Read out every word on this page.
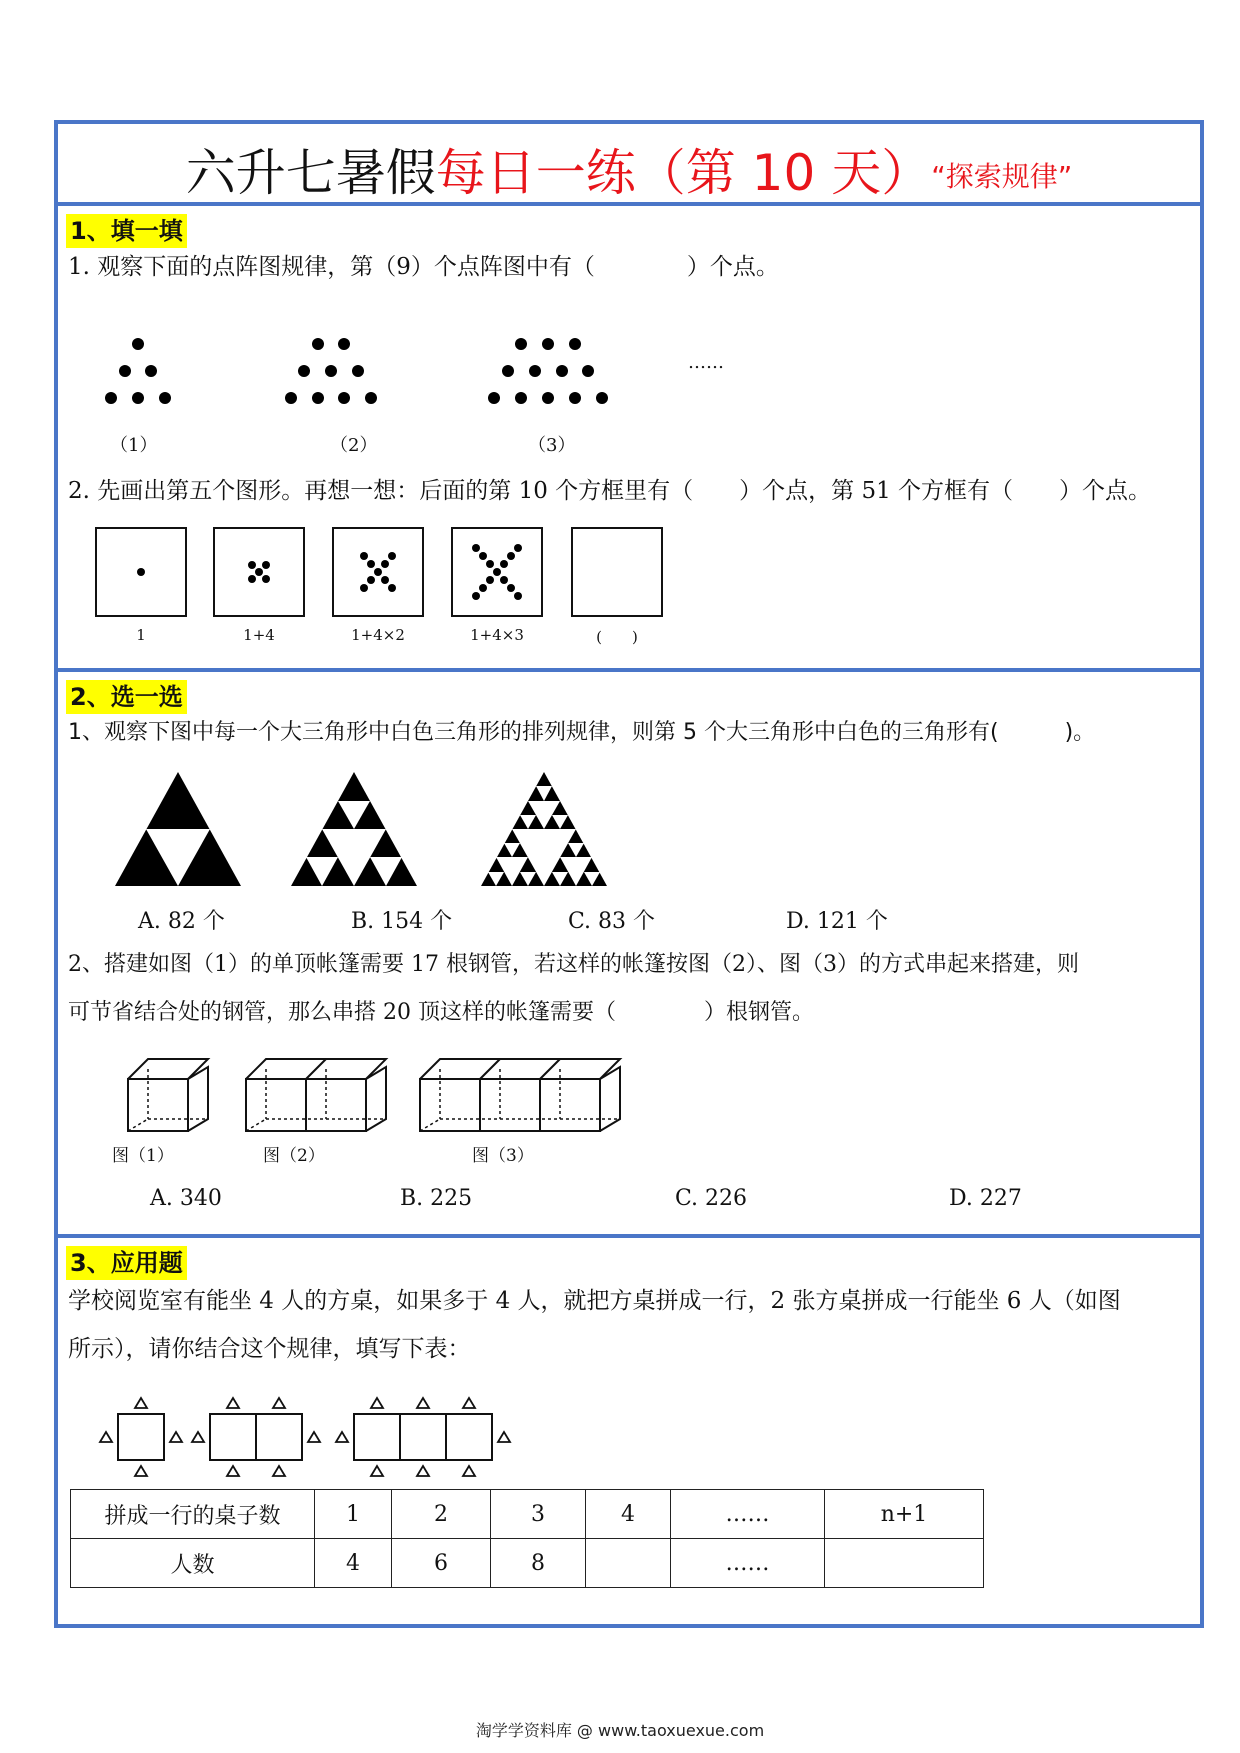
六升七暑假每日一练（第 10 天）“探索规律”
1、填一填
1. 观察下面的点阵图规律，第（9）个点阵图中有（　　　　）个点。
……
（1）	（2）	（3）
2. 先画出第五个图形。再想一想：后面的第 10 个方框里有（　　）个点，第 51 个方框有（　　）个点。
1	1+4	1+4×2	1+4×3	(　　)
2、选一选
1、观察下图中每一个大三角形中白色三角形的排列规律，则第 5 个大三角形中白色的三角形有(　　　)。
A. 82 个	B. 154 个	C. 83 个	D. 121 个
2、搭建如图（1）的单顶帐篷需要 17 根钢管，若这样的帐篷按图（2）、图（3）的方式串起来搭建，则
可节省结合处的钢管，那么串搭 20 顶这样的帐篷需要（　　　　）根钢管。
图（1）	图（2）	图（3）
A. 340	B. 225	C. 226	D. 227
3、应用题
学校阅览室有能坐 4 人的方桌，如果多于 4 人，就把方桌拼成一行，2 张方桌拼成一行能坐 6 人（如图
所示），请你结合这个规律，填写下表：
拼成一行的桌子数	1	2	3	4	……	n+1
人数	4	6	8		……	
淘学学资料库 @ www.taoxuexue.com
